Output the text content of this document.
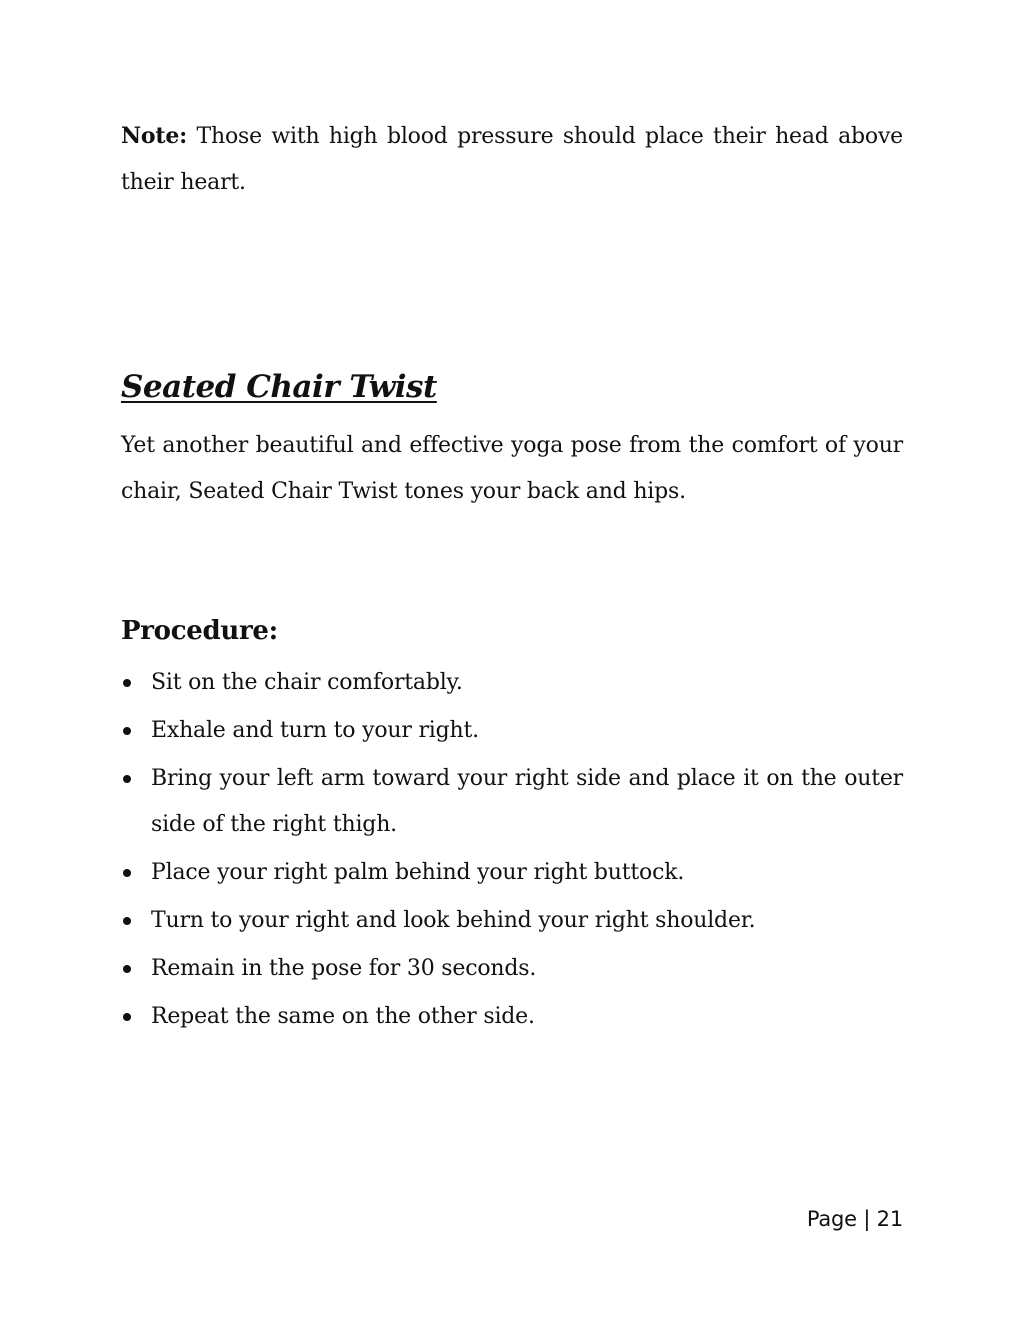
Note: Those with high blood pressure should place their head above their heart.

Seated Chair Twist

Yet another beautiful and effective yoga pose from the comfort of your chair, Seated Chair Twist tones your back and hips.

Procedure:
Sit on the chair comfortably.
Exhale and turn to your right.
Bring your left arm toward your right side and place it on the outer side of the right thigh.
Place your right palm behind your right buttock.
Turn to your right and look behind your right shoulder.
Remain in the pose for 30 seconds.
Repeat the same on the other side.
Page | 21
